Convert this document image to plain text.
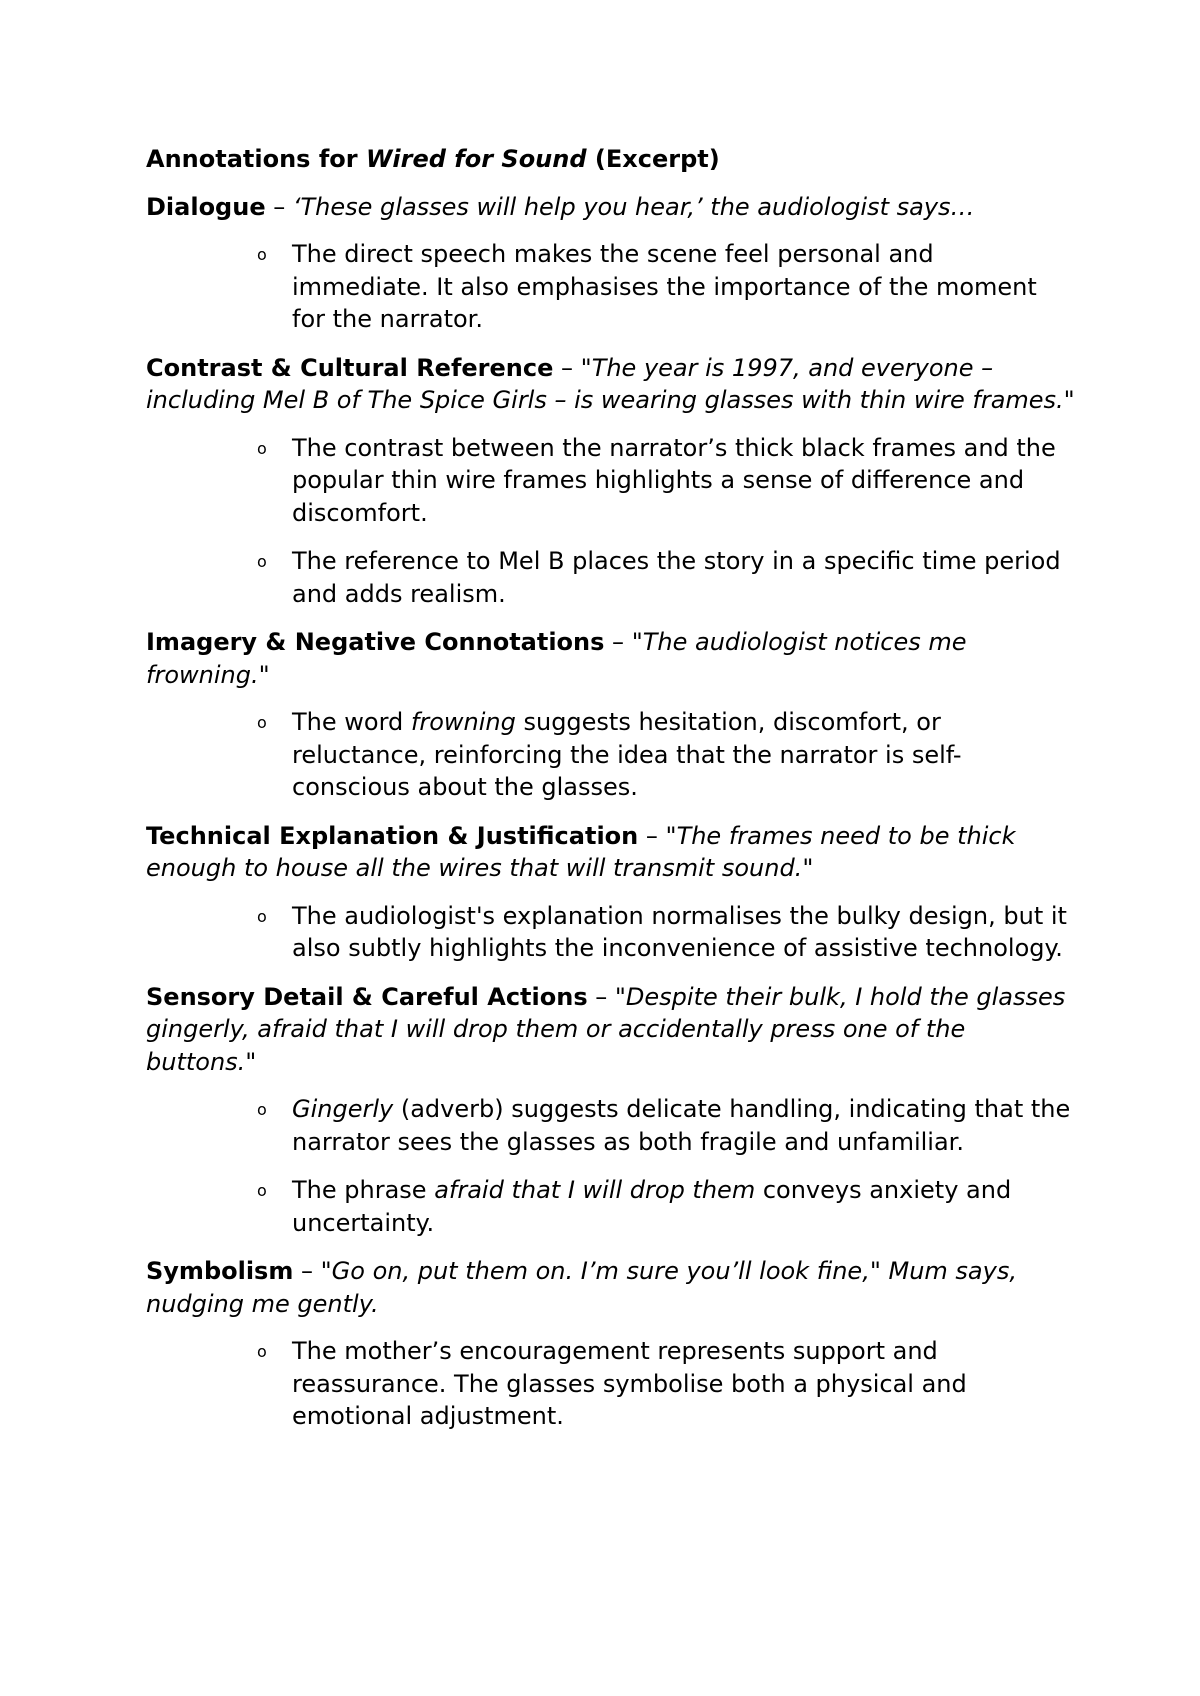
Annotations for Wired for Sound (Excerpt)

Dialogue – ‘These glasses will help you hear,’ the audiologist says…

o The direct speech makes the scene feel personal and immediate. It also emphasises the importance of the moment for the narrator.

Contrast & Cultural Reference – "The year is 1997, and everyone – including Mel B of The Spice Girls – is wearing glasses with thin wire frames."

o The contrast between the narrator’s thick black frames and the popular thin wire frames highlights a sense of difference and discomfort.
o The reference to Mel B places the story in a specific time period and adds realism.

Imagery & Negative Connotations – "The audiologist notices me frowning."

o The word frowning suggests hesitation, discomfort, or reluctance, reinforcing the idea that the narrator is self-conscious about the glasses.

Technical Explanation & Justification – "The frames need to be thick enough to house all the wires that will transmit sound."

o The audiologist's explanation normalises the bulky design, but it also subtly highlights the inconvenience of assistive technology.

Sensory Detail & Careful Actions – "Despite their bulk, I hold the glasses gingerly, afraid that I will drop them or accidentally press one of the buttons."

o Gingerly (adverb) suggests delicate handling, indicating that the narrator sees the glasses as both fragile and unfamiliar.
o The phrase afraid that I will drop them conveys anxiety and uncertainty.

Symbolism – "Go on, put them on. I’m sure you’ll look fine," Mum says, nudging me gently.

o The mother’s encouragement represents support and reassurance. The glasses symbolise both a physical and emotional adjustment.
